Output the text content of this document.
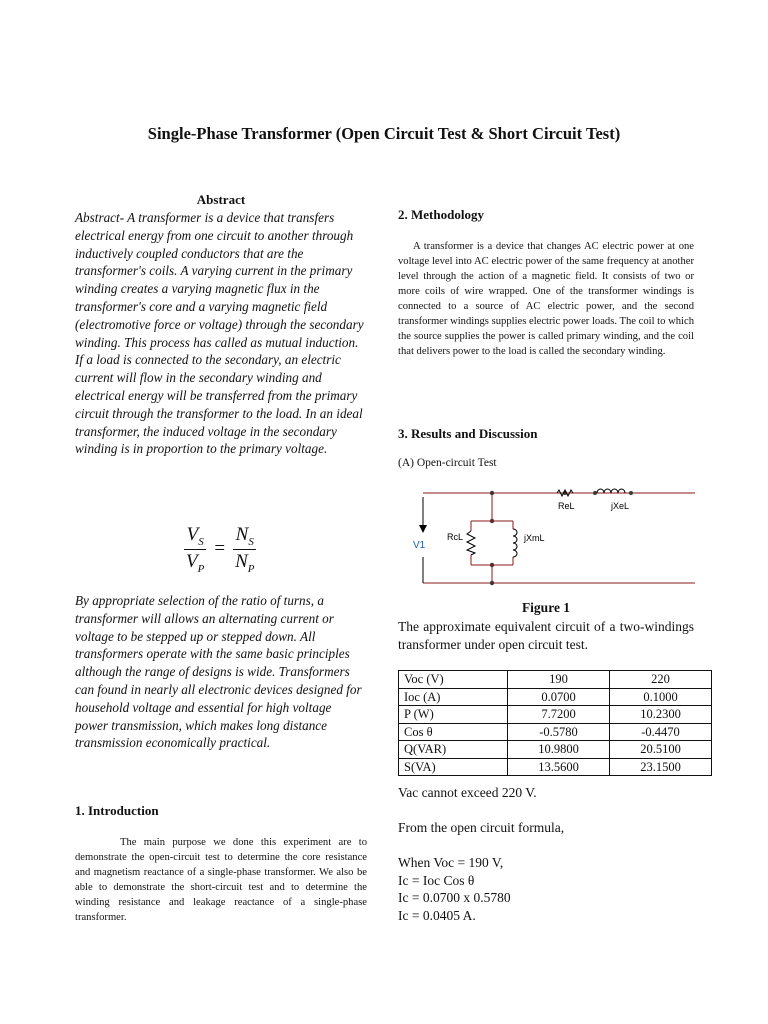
Single-Phase Transformer (Open Circuit Test & Short Circuit Test)
Abstract
Abstract- A transformer is a device that transfers electrical energy from one circuit to another through inductively coupled conductors that are the transformer's coils. A varying current in the primary winding creates a varying magnetic flux in the transformer's core and a varying magnetic field (electromotive force or voltage) through the secondary winding. This process has called as mutual induction. If a load is connected to the secondary, an electric current will flow in the secondary winding and electrical energy will be transferred from the primary circuit through the transformer to the load. In an ideal transformer, the induced voltage in the secondary winding is in proportion to the primary voltage.
$\frac{V_S}{V_P} = \frac{N_S}{N_P}$
By appropriate selection of the ratio of turns, a transformer will allows an alternating current or voltage to be stepped up or stepped down. All transformers operate with the same basic principles although the range of designs is wide. Transformers can found in nearly all electronic devices designed for household voltage and essential for high voltage power transmission, which makes long distance transmission economically practical.
1. Introduction
The main purpose we done this experiment are to demonstrate the open-circuit test to determine the core resistance and magnetism reactance of a single-phase transformer. We also be able to demonstrate the short-circuit test and to determine the winding resistance and leakage reactance of a single-phase transformer.
2. Methodology
A transformer is a device that changes AC electric power at one voltage level into AC electric power of the same frequency at another level through the action of a magnetic field. It consists of two or more coils of wire wrapped. One of the transformer windings is connected to a source of AC electric power, and the second transformer windings supplies electric power loads. The coil to which the source supplies the power is called primary winding, and the coil that delivers power to the load is called the secondary winding.
3. Results and Discussion
(A) Open-circuit Test
V1
RcL	jXmL
ReL	jXeL
Figure 1
The approximate equivalent circuit of a two-windings transformer under open circuit test.
Voc (V)	190	220
Ioc (A)	0.0700	0.1000
P (W)	7.7200	10.2300
Cos θ	-0.5780	-0.4470
Q(VAR)	10.9800	20.5100
S(VA)	13.5600	23.1500
Vac cannot exceed 220 V.
From the open circuit formula,
When Voc = 190 V,
Ic = Ioc Cos θ
Ic = 0.0700 x 0.5780
Ic = 0.0405 A.
